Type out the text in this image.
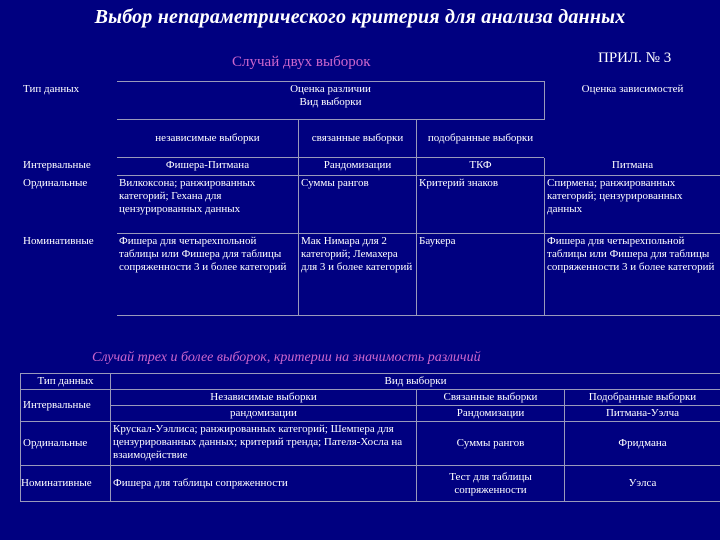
Выбор непараметрического критерия для анализа данных
Случай двух выборок	ПРИЛ. № 3
Тип данных	Оценка различии
Вид выборки			Оценка зависимостей
	независимые выборки	связанные выборки	подобранные выборки	
Интервальные	Фишера-Питмана	Рандомизации	ТКФ	Питмана
Ординальные	Вилкоксона; ранжированных категорий; Гехана для цензурированных данных	Суммы рангов	Критерий знаков	Спирмена; ранжированных категорий; цензурированных данных
Номинативные	Фишера для четырехпольной таблицы или Фишера для таблицы сопряженности 3 и более категорий	Мак Нимара для 2 категорий; Лемахера для 3 и более категорий	Баукера	Фишера для четырехпольной таблицы или Фишера для таблицы сопряженности 3 и более категорий
Случай трех и более выборок, критерии на значимость различий
Тип данных	Вид выборки		
Интервальные	Независимые выборки	Связанные выборки	Подобранные выборки
	рандомизации	Рандомизации	Питмана-Уэлча
Ординальные	Крускал-Уэллиса; ранжированных категорий; Шемпера для цензурированных данных; критерий тренда; Пателя-Хосла на взаимодействие	Суммы рангов	Фридмана
Номинативные	Фишера для таблицы сопряженности	Тест для таблицы сопряженности	Уэлса
